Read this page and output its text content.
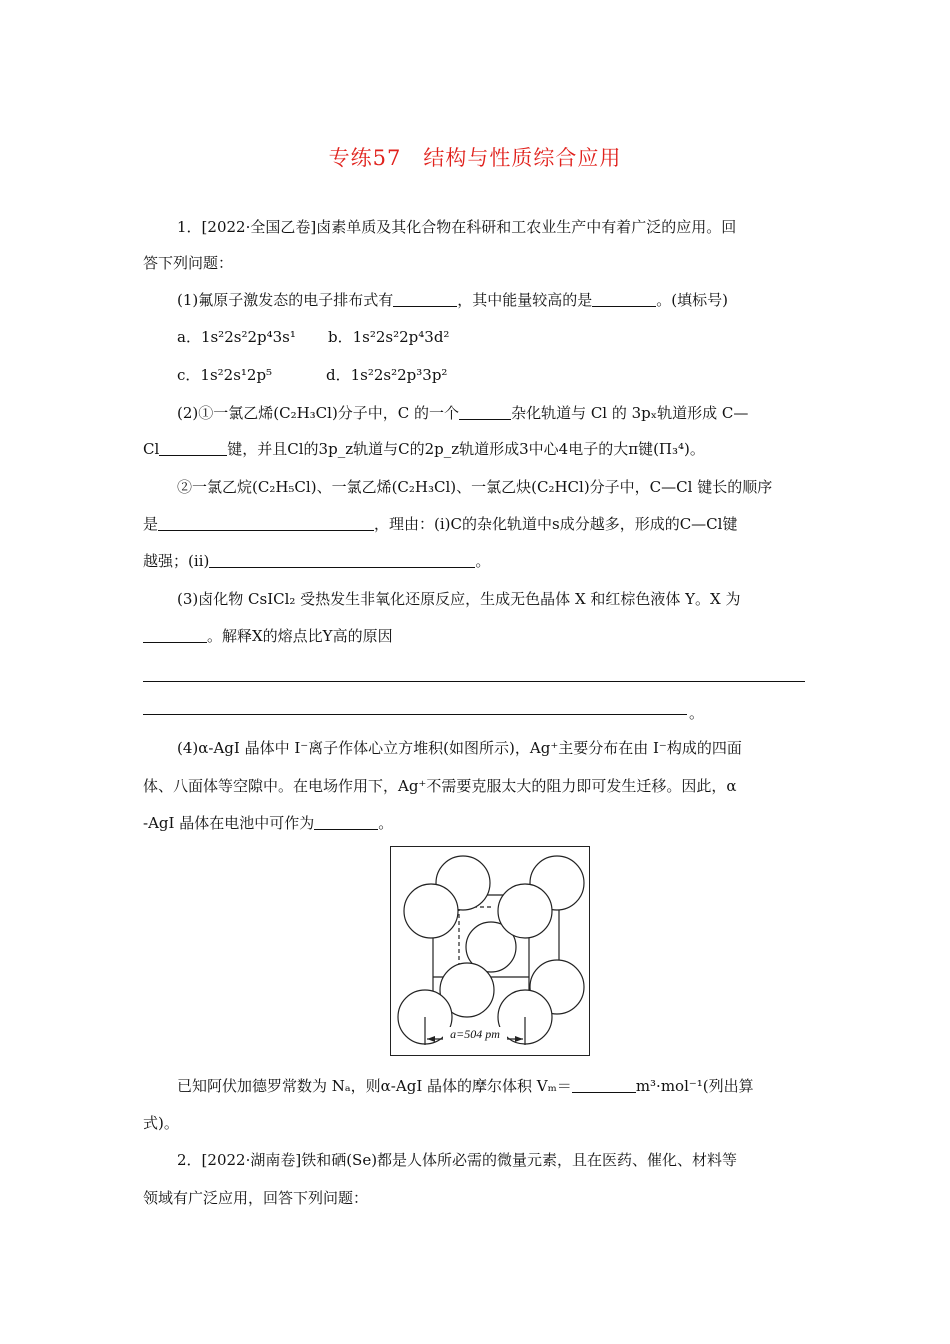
专练57　结构与性质综合应用
1．[2022·全国乙卷]卤素单质及其化合物在科研和工农业生产中有着广泛的应用。回
答下列问题：
(1)氟原子激发态的电子排布式有	，其中能量较高的是	。(填标号)
a．1s²2s²2p⁴3s¹ b．1s²2s²2p⁴3d²
c．1s²2s¹2p⁵	d．1s²2s²2p³3p²
(2)①一氯乙烯(C₂H₃Cl)分子中，C 的一个	杂化轨道与 Cl 的 3pₓ轨道形成 C—
Cl	键，并且Cl的3p_z轨道与C的2p_z轨道形成3中心4电子的大π键(Π₃⁴)。
②一氯乙烷(C₂H₅Cl)、一氯乙烯(C₂H₃Cl)、一氯乙炔(C₂HCl)分子中，C—Cl 键长的顺序
是	，理由：(ⅰ)C的杂化轨道中s成分越多，形成的C—Cl键
越强；(ⅱ)	。
(3)卤化物 CsICl₂ 受热发生非氧化还原反应，生成无色晶体 X 和红棕色液体 Y。X 为
。解释X的熔点比Y高的原因
。
(4)α-AgI 晶体中 I⁻离子作体心立方堆积(如图所示)，Ag⁺主要分布在由 I⁻构成的四面
体、八面体等空隙中。在电场作用下，Ag⁺不需要克服太大的阻力即可发生迁移。因此，α
-AgI 晶体在电池中可作为	。
a=504 pm
已知阿伏加德罗常数为 Nₐ，则α-AgI 晶体的摩尔体积 Vₘ＝	m³·mol⁻¹(列出算
式)。
2．[2022·湖南卷]铁和硒(Se)都是人体所必需的微量元素，且在医药、催化、材料等
领域有广泛应用，回答下列问题：
